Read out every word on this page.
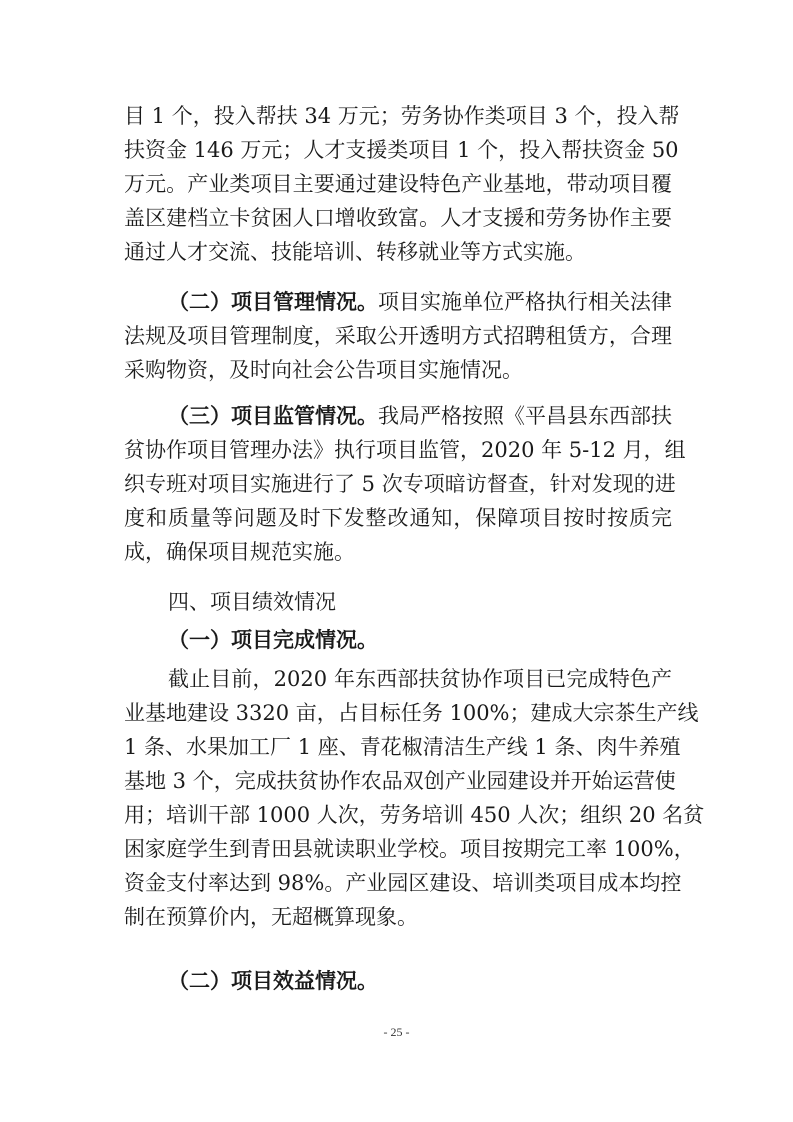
目 1 个，投入帮扶 34 万元；劳务协作类项目 3 个，投入帮
扶资金 146 万元；人才支援类项目 1 个，投入帮扶资金 50
万元。产业类项目主要通过建设特色产业基地，带动项目覆
盖区建档立卡贫困人口增收致富。人才支援和劳务协作主要
通过人才交流、技能培训、转移就业等方式实施。
（二）项目管理情况。项目实施单位严格执行相关法律
法规及项目管理制度，采取公开透明方式招聘租赁方，合理
采购物资，及时向社会公告项目实施情况。
（三）项目监管情况。我局严格按照《平昌县东西部扶
贫协作项目管理办法》执行项目监管，2020 年 5-12 月，组
织专班对项目实施进行了 5 次专项暗访督查，针对发现的进
度和质量等问题及时下发整改通知，保障项目按时按质完
成，确保项目规范实施。

四、项目绩效情况

（一）项目完成情况。

截止目前，2020 年东西部扶贫协作项目已完成特色产
业基地建设 3320 亩，占目标任务 100%；建成大宗茶生产线
1 条、水果加工厂 1 座、青花椒清洁生产线 1 条、肉牛养殖
基地 3 个，完成扶贫协作农品双创产业园建设并开始运营使
用；培训干部 1000 人次，劳务培训 450 人次；组织 20 名贫
困家庭学生到青田县就读职业学校。项目按期完工率 100%，
资金支付率达到 98%。产业园区建设、培训类项目成本均控
制在预算价内，无超概算现象。

（二）项目效益情况。

- 25 -
